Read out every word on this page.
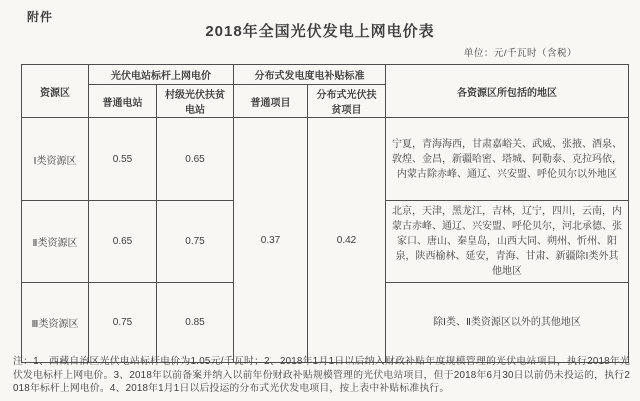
附件
2018年全国光伏发电上网电价表
单位：元/千瓦时（含税）
资源区	光伏电站标杆上网电价		分布式发电度电补贴标准		各资源区所包括的地区
	普通电站	村级光伏扶贫电站	普通项目	分布式光伏扶贫项目	
Ⅰ类资源区	0.55	0.65	0.37	0.42	宁夏，青海海西，甘肃嘉峪关、武威、张掖、酒泉、敦煌、金昌，新疆哈密、塔城、阿勒泰、克拉玛依，内蒙古除赤峰、通辽、兴安盟、呼伦贝尔以外地区
Ⅱ类资源区	0.65	0.75			北京，天津，黑龙江，吉林，辽宁，四川，云南，内蒙古赤峰、通辽、兴安盟、呼伦贝尔，河北承德、张家口、唐山、秦皇岛，山西大同、朔州、忻州、阳泉，陕西榆林、延安，青海、甘肃、新疆除Ⅰ类外其他地区
Ⅲ类资源区	0.75	0.85			除Ⅰ类、Ⅱ类资源区以外的其他地区
注：1、西藏自治区光伏电站标杆电价为1.05元/千瓦时；2、2018年1月1日以后纳入财政补贴年度规模管理的光伏电站项目，执行2018年光伏发电标杆上网电价。3、2018年以前备案并纳入以前年份财政补贴规模管理的光伏电站项目，但于2018年6月30日以前仍未投运的，执行2018年标杆上网电价。4、2018年1月1日以后投运的分布式光伏发电项目，按上表中补贴标准执行。
